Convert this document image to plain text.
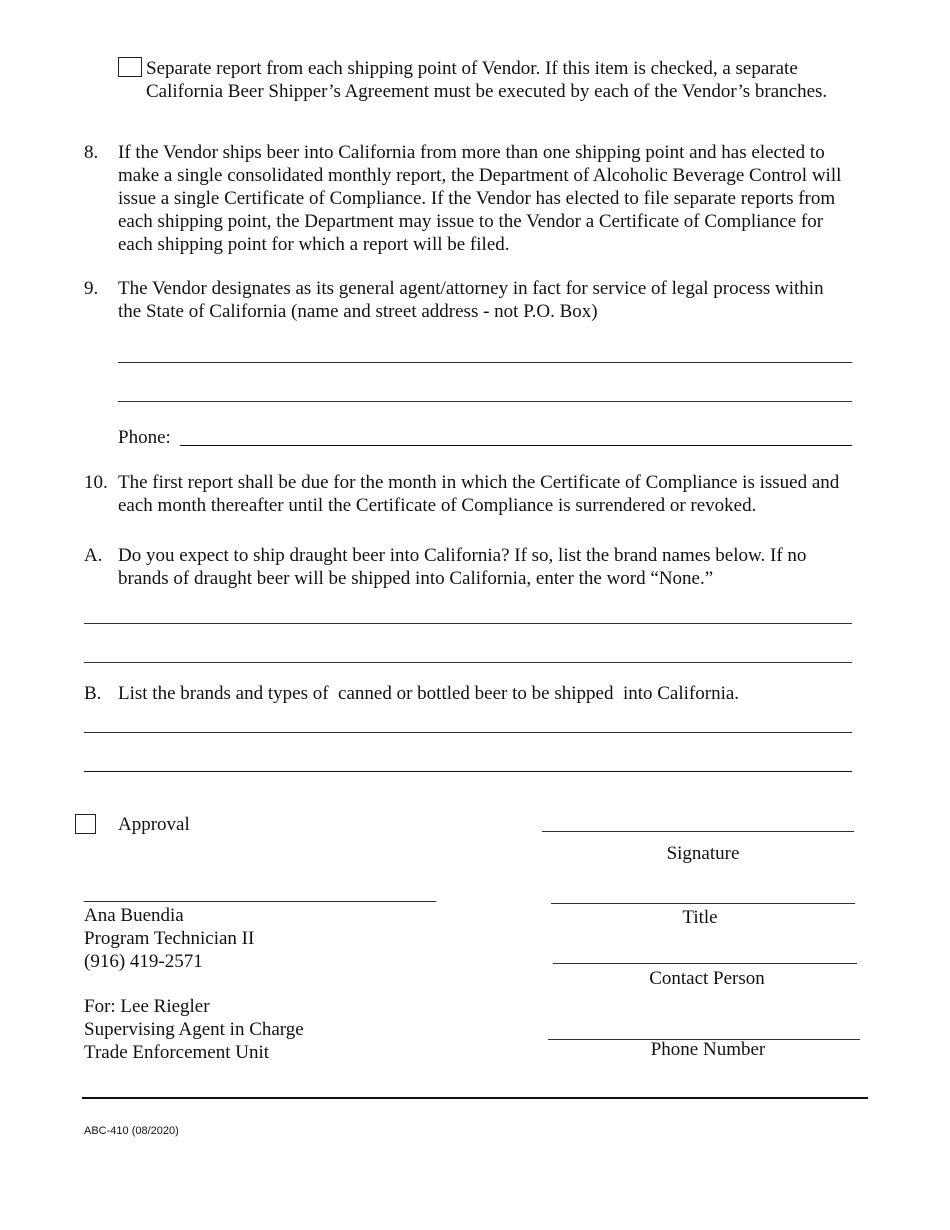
Separate report from each shipping point of Vendor. If this item is checked, a separate California Beer Shipper’s Agreement must be executed by each of the Vendor’s branches.
8.	If the Vendor ships beer into California from more than one shipping point and has elected to make a single consolidated monthly report, the Department of Alcoholic Beverage Control will issue a single Certificate of Compliance. If the Vendor has elected to file separate reports from each shipping point, the Department may issue to the Vendor a Certificate of Compliance for each shipping point for which a report will be filed.
9.	The Vendor designates as its general agent/attorney in fact for service of legal process within the State of California (name and street address - not P.O. Box)
Phone:
10. The first report shall be due for the month in which the Certificate of Compliance is issued and each month thereafter until the Certificate of Compliance is surrendered or revoked.
A. Do you expect to ship draught beer into California? If so, list the brand names below. If no brands of draught beer will be shipped into California, enter the word “None.”
B. List the brands and types of  canned or bottled beer to be shipped  into California.
Approval
Ana Buendia
Program Technician II
(916) 419-2571
For: Lee Riegler
Supervising Agent in Charge
Trade Enforcement Unit
Signature
Title
Contact Person
Phone Number
ABC-410 (08/2020)
